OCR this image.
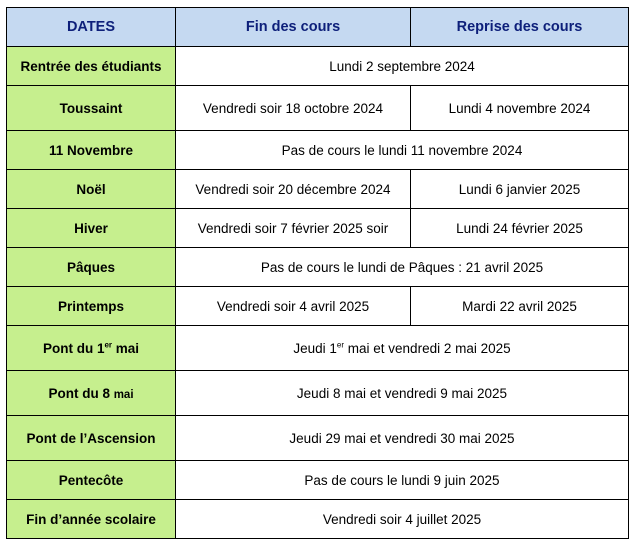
DATES	Fin des cours	Reprise des cours
Rentrée des étudiants	Lundi 2 septembre 2024	
Toussaint	Vendredi soir 18 octobre 2024	Lundi 4 novembre 2024
11 Novembre	Pas de cours le lundi 11 novembre 2024	
Noël	Vendredi soir 20 décembre 2024	Lundi 6 janvier 2025
Hiver	Vendredi soir 7 février 2025 soir	Lundi 24 février 2025
Pâques	Pas de cours le lundi de Pâques : 21 avril 2025	
Printemps	Vendredi soir 4 avril 2025	Mardi 22 avril 2025
Pont du 1er mai	Jeudi 1er mai et vendredi 2 mai 2025	
Pont du 8 mai	Jeudi 8 mai et vendredi 9 mai 2025	
Pont de l’Ascension	Jeudi 29 mai et vendredi 30 mai 2025	
Pentecôte	Pas de cours le lundi 9 juin 2025	
Fin d’année scolaire	Vendredi soir 4 juillet 2025	
